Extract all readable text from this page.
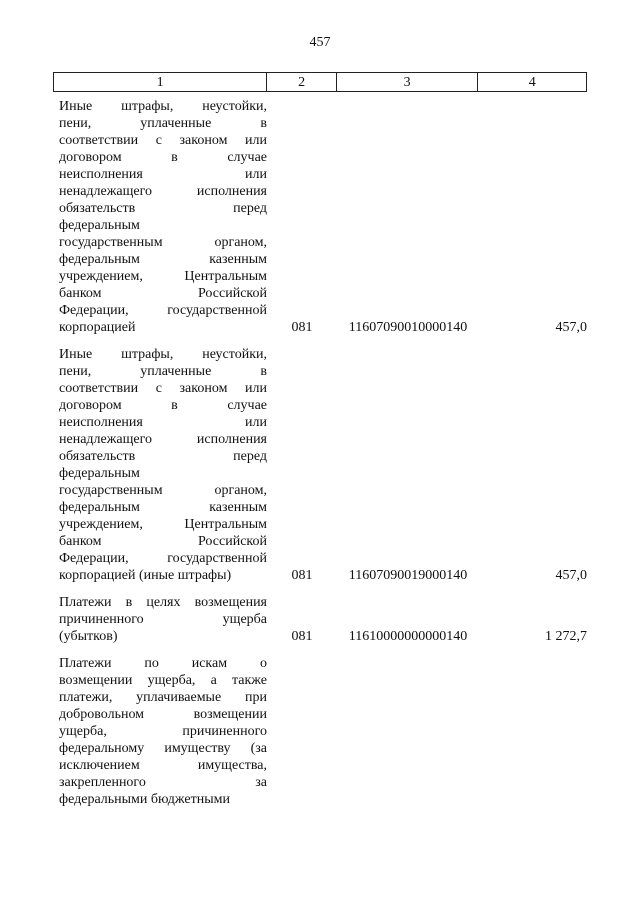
457
1	2	3	4
Иные штрафы, неустойки,
пени, уплаченные в
соответствии с законом или
договором в случае
неисполнения или
ненадлежащего исполнения
обязательств перед
федеральным
государственным органом,
федеральным казенным
учреждением, Центральным
банком Российской
Федерации, государственной
корпорацией	081	11607090010000140	457,0
Иные штрафы, неустойки,
пени, уплаченные в
соответствии с законом или
договором в случае
неисполнения или
ненадлежащего исполнения
обязательств перед
федеральным
государственным органом,
федеральным казенным
учреждением, Центральным
банком Российской
Федерации, государственной
корпорацией (иные штрафы)	081	11607090019000140	457,0
Платежи в целях возмещения
причиненного ущерба
(убытков)	081	11610000000000140	1 272,7
Платежи по искам о
возмещении ущерба, а также
платежи, уплачиваемые при
добровольном возмещении
ущерба, причиненного
федеральному имуществу (за
исключением имущества,
закрепленного за
федеральными бюджетными
